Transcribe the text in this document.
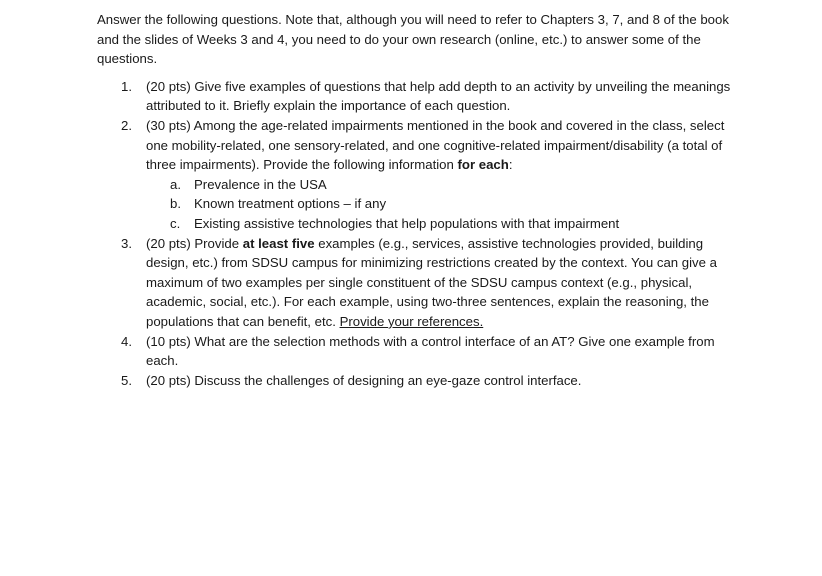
Answer the following questions. Note that, although you will need to refer to Chapters 3, 7, and 8 of the book and the slides of Weeks 3 and 4, you need to do your own research (online, etc.) to answer some of the questions.

1. (20 pts) Give five examples of questions that help add depth to an activity by unveiling the meanings attributed to it. Briefly explain the importance of each question.
2. (30 pts) Among the age-related impairments mentioned in the book and covered in the class, select one mobility-related, one sensory-related, and one cognitive-related impairment/disability (a total of three impairments). Provide the following information for each:
a. Prevalence in the USA
b. Known treatment options – if any
c. Existing assistive technologies that help populations with that impairment
3. (20 pts) Provide at least five examples (e.g., services, assistive technologies provided, building design, etc.) from SDSU campus for minimizing restrictions created by the context. You can give a maximum of two examples per single constituent of the SDSU campus context (e.g., physical, academic, social, etc.). For each example, using two-three sentences, explain the reasoning, the populations that can benefit, etc. Provide your references.
4. (10 pts) What are the selection methods with a control interface of an AT? Give one example from each.
5. (20 pts) Discuss the challenges of designing an eye-gaze control interface.
